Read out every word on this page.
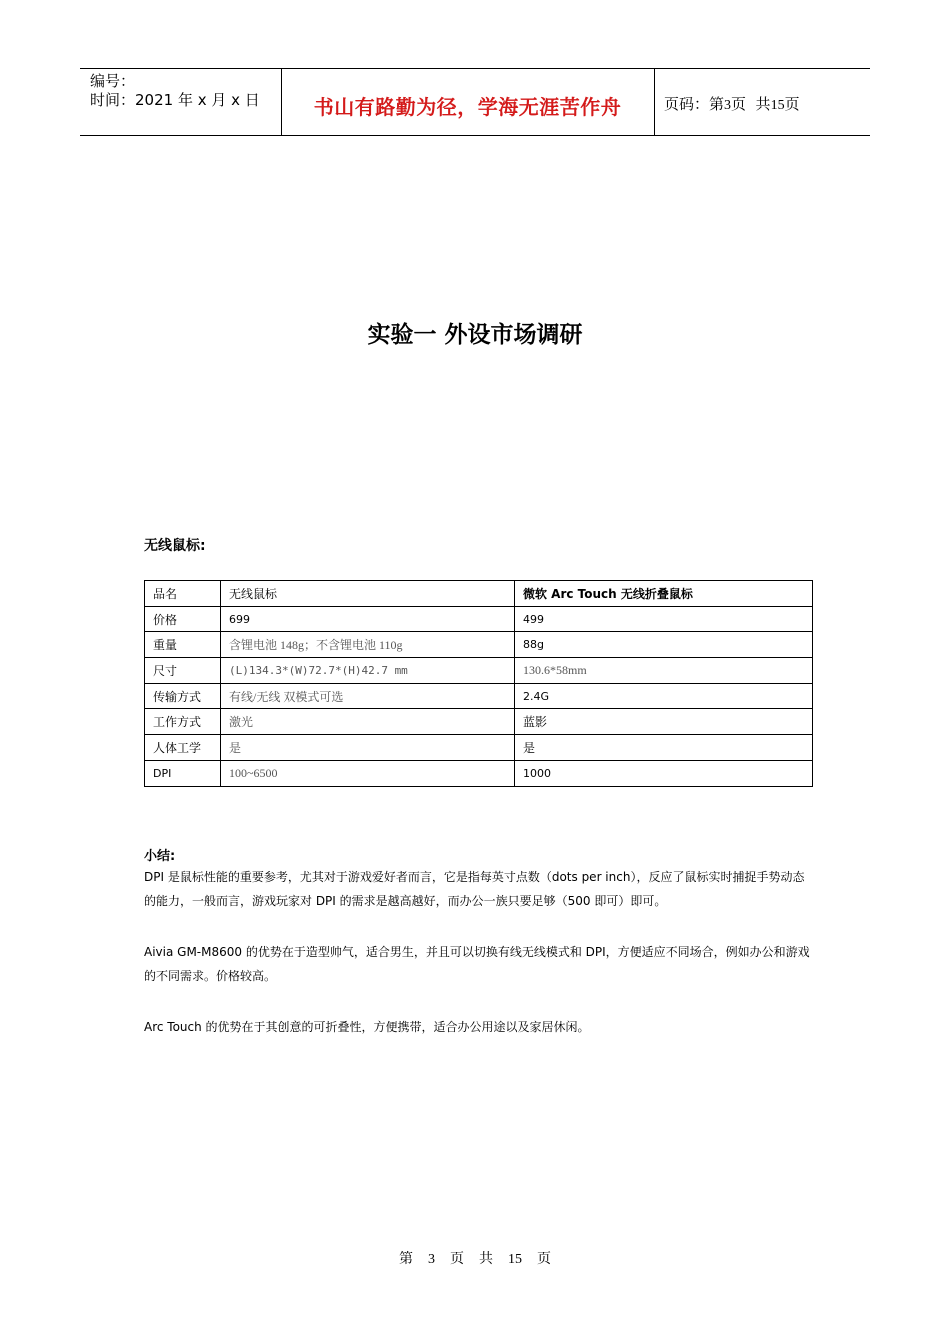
编号：
时间：2021 年 x 月 x 日	书山有路勤为径，学海无涯苦作舟	页码：第3页  共15页
实验一 外设市场调研
无线鼠标:
品名	无线鼠标	微软 Arc Touch 无线折叠鼠标
价格	699	499
重量	含锂电池 148g；不含锂电池 110g	88g
尺寸	(L)134.3*(W)72.7*(H)42.7 mm	130.6*58mm
传输方式	有线/无线 双模式可选	2.4G
工作方式	激光	蓝影
人体工学	是	是
DPI	100~6500	1000
小结:
DPI 是鼠标性能的重要参考，尤其对于游戏爱好者而言，它是指每英寸点数（dots per inch），反应了鼠标实时捕捉手势动态的能力，一般而言，游戏玩家对 DPI 的需求是越高越好，而办公一族只要足够（500 即可）即可。
Aivia GM-M8600 的优势在于造型帅气，适合男生，并且可以切换有线无线模式和 DPI，方便适应不同场合，例如办公和游戏的不同需求。价格较高。
Arc Touch 的优势在于其创意的可折叠性，方便携带，适合办公用途以及家居休闲。
第  3  页  共  15  页
